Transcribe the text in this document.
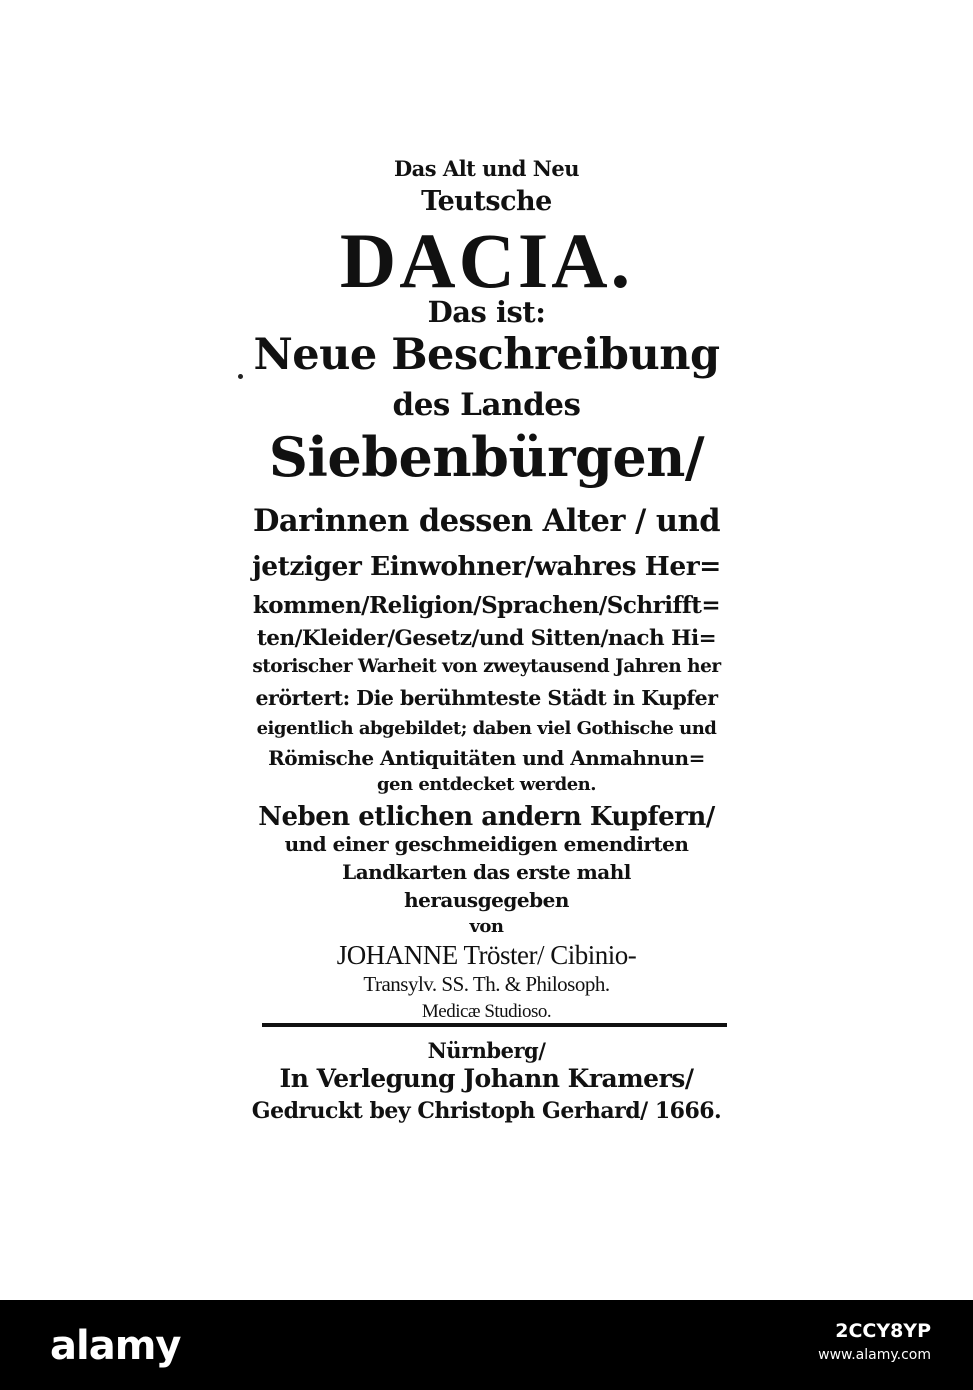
Das Alt und Neu
Teutsche
DACIA.
Das ist:
Neue Beschreibung
des Landes
Siebenbürgen/
Darinnen dessen Alter / und
jetziger Einwohner/wahres Her=
kommen/Religion/Sprachen/Schrifft=
ten/Kleider/Gesetz/und Sitten/nach Hi=
storischer Warheit von zweytausend Jahren her
erörtert: Die berühmteste Städt in Kupfer
eigentlich abgebildet; daben viel Gothische und
Römische Antiquitäten und Anmahnun=
gen entdecket werden.
Neben etlichen andern Kupfern/
und einer geschmeidigen emendirten
Landkarten das erste mahl
herausgegeben
von
JOHANNE Tröster/ Cibinio-
Transylv. SS. Th. & Philosoph.
Medicæ Studioso.
Nürnberg/
In Verlegung Johann Kramers/
Gedruckt bey Christoph Gerhard/ 1666.
alamy	2CCY8YP
www.alamy.com
